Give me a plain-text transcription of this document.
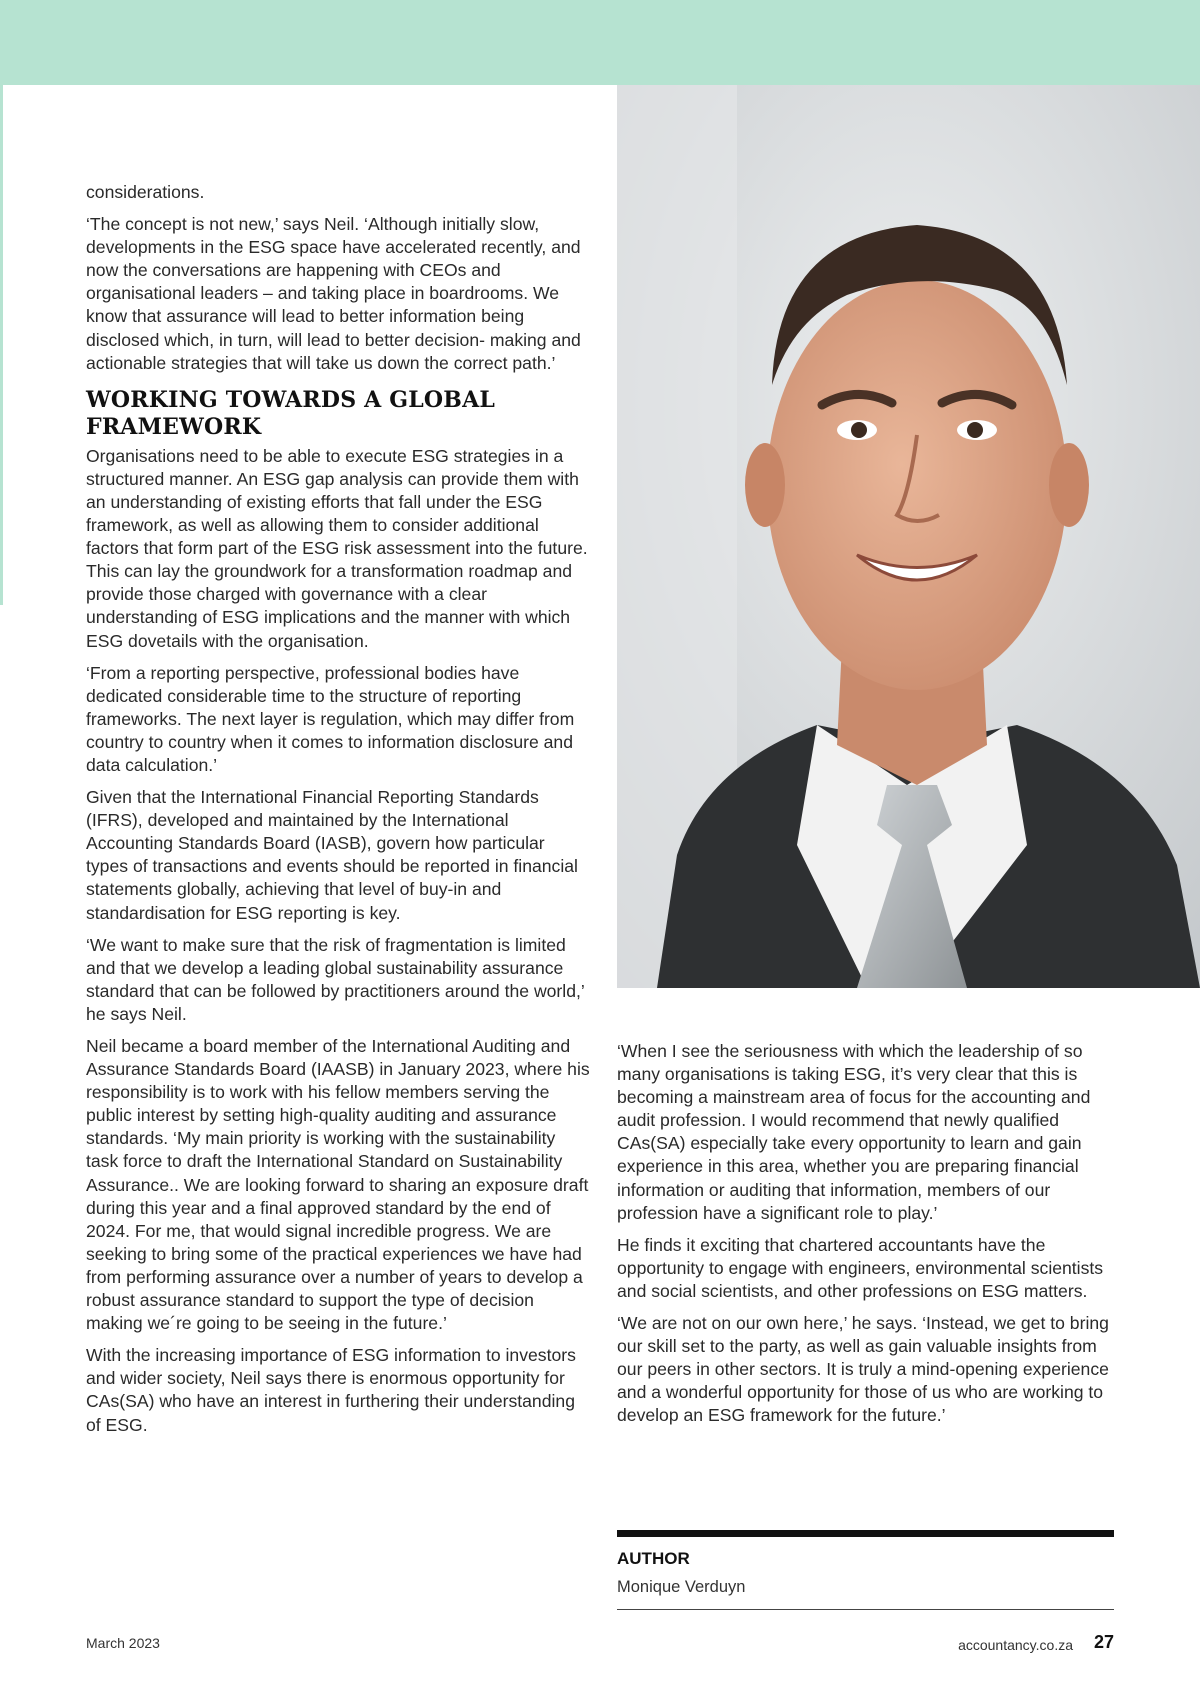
considerations.

‘The concept is not new,’ says Neil. ‘Although initially slow, developments in the ESG space have accelerated recently, and now the conversations are happening with CEOs and organisational leaders – and taking place in boardrooms. We know that assurance will lead to better information being disclosed which, in turn, will lead to better decision- making and actionable strategies that will take us down the correct path.’

WORKING TOWARDS A GLOBAL FRAMEWORK

Organisations need to be able to execute ESG strategies in a structured manner. An ESG gap analysis can provide them with an understanding of existing efforts that fall under the ESG framework, as well as allowing them to consider additional factors that form part of the ESG risk assessment into the future. This can lay the groundwork for a transformation roadmap and provide those charged with governance with a clear understanding of ESG implications and the manner with which ESG dovetails with the organisation.

‘From a reporting perspective, professional bodies have dedicated considerable time to the structure of reporting frameworks. The next layer is regulation, which may differ from country to country when it comes to information disclosure and data calculation.’

Given that the International Financial Reporting Standards (IFRS), developed and maintained by the International Accounting Standards Board (IASB), govern how particular types of transactions and events should be reported in financial statements globally, achieving that level of buy-in and standardisation for ESG reporting is key.

‘We want to make sure that the risk of fragmentation is limited and that we develop a leading global sustainability assurance standard that can be followed by practitioners around the world,’ he says Neil.

Neil became a board member of the International Auditing and Assurance Standards Board (IAASB) in January 2023, where his responsibility is to work with his fellow members serving the public interest by setting high-quality auditing and assurance standards. ‘My main priority is working with the sustainability task force to draft the International Standard on Sustainability Assurance.. We are looking forward to sharing an exposure draft during this year and a final approved standard by the end of 2024. For me, that would signal incredible progress. We are seeking to bring some of the practical experiences we have had from performing assurance over a number of years to develop a robust assurance standard to support the type of decision making we´re going to be seeing in the future.’

With the increasing importance of ESG information to investors and wider society, Neil says there is enormous opportunity for CAs(SA) who have an interest in furthering their understanding of ESG.

‘When I see the seriousness with which the leadership of so many organisations is taking ESG, it’s very clear that this is becoming a mainstream area of focus for the accounting and audit profession. I would recommend that newly qualified CAs(SA) especially take every opportunity to learn and gain experience in this area, whether you are preparing financial information or auditing that information, members of our profession have a significant role to play.’

He finds it exciting that chartered accountants have the opportunity to engage with engineers, environmental scientists and social scientists, and other professions on ESG matters.

‘We are not on our own here,’ he says. ‘Instead, we get to bring our skill set to the party, as well as gain valuable insights from our peers in other sectors. It is truly a mind-opening experience and a wonderful opportunity for those of us who are working to develop an ESG framework for the future.’

AUTHOR
Monique Verduyn
March 2023	accountancy.co.za 27
